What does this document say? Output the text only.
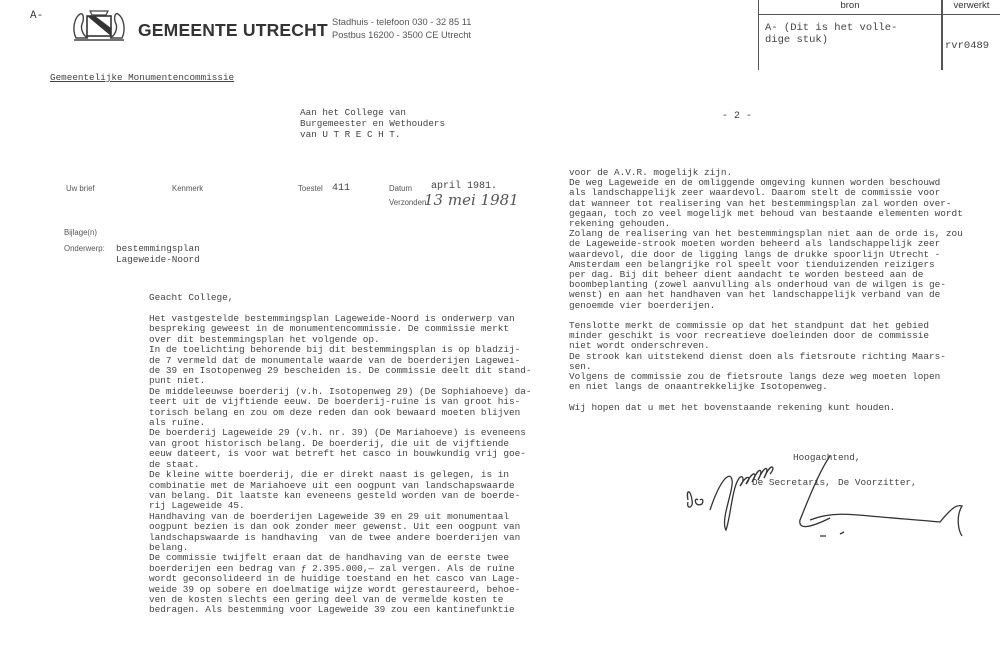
A-
GEMEENTE UTRECHT Stadhuis - telefoon 030 - 32 85 11
Postbus 16200 - 3500 CE Utrecht
Gemeentelijke Monumentencommissie
Aan het College van
Burgemeester en Wethouders
van U T R E C H T.
- 2 -
bron	verwerkt
A- (Dit is het volle-
dige stuk)	rvr0489
Uw brief	Kenmerk	Toestel 411	Datum april 1981.
Verzonden
13 mei 1981
Bijlage(n)
Onderwerp: bestemmingsplan
Lageweide-Noord
Geacht College,
Het vastgestelde bestemmingsplan Lageweide-Noord is onderwerp van
bespreking geweest in de monumentencommissie. De commissie merkt
over dit bestemmingsplan het volgende op.
In de toelichting behorende bij dit bestemmingsplan is op bladzij-
de 7 vermeld dat de monumentale waarde van de boerderijen Lagewei-
de 39 en Isotopenweg 29 bescheiden is. De commissie deelt dit stand-
punt niet.
De middeleeuwse boerderij (v.h. Isotopenweg 29) (De Sophiahoeve) da-
teert uit de vijftiende eeuw. De boerderij-ruïne is van groot his-
torisch belang en zou om deze reden dan ook bewaard moeten blijven
als ruïne.
De boerderij Lageweide 29 (v.h. nr. 39) (De Mariahoeve) is eveneens
van groot historisch belang. De boerderij, die uit de vijftiende
eeuw dateert, is voor wat betreft het casco in bouwkundig vrij goe-
de staat.
De kleine witte boerderij, die er direkt naast is gelegen, is in
combinatie met de Mariahoeve uit een oogpunt van landschapswaarde
van belang. Dit laatste kan eveneens gesteld worden van de boerde-
rij Lageweide 45.
Handhaving van de boerderijen Lageweide 39 en 29 uit monumentaal
oogpunt bezien is dan ook zonder meer gewenst. Uit een oogpunt van
landschapswaarde is handhaving  van de twee andere boerderijen van
belang.
De commissie twijfelt eraan dat de handhaving van de eerste twee
boerderijen een bedrag van ƒ 2.395.000,— zal vergen. Als de ruïne
wordt geconsolideerd in de huidige toestand en het casco van Lage-
weide 39 op sobere en doelmatige wijze wordt gerestaureerd, behoe-
ven de kosten slechts een gering deel van de vermelde kosten te
bedragen. Als bestemming voor Lageweide 39 zou een kantinefunktie
voor de A.V.R. mogelijk zijn.
De weg Lageweide en de omliggende omgeving kunnen worden beschouwd
als landschappelijk zeer waardevol. Daarom stelt de commissie voor
dat wanneer tot realisering van het bestemmingsplan zal worden over-
gegaan, toch zo veel mogelijk met behoud van bestaande elementen wordt
rekening gehouden.
Zolang de realisering van het bestemmingsplan niet aan de orde is, zou
de Lageweide-strook moeten worden beheerd als landschappelijk zeer
waardevol, die door de ligging langs de drukke spoorlijn Utrecht -
Amsterdam een belangrijke rol speelt voor tienduizenden reizigers
per dag. Bij dit beheer dient aandacht te worden besteed aan de
boombeplanting (zowel aanvulling als onderhoud van de wilgen is ge-
wenst) en aan het handhaven van het landschappelijk verband van de
genoemde vier boerderijen.

Tenslotte merkt de commissie op dat het standpunt dat het gebied
minder geschikt is voor recreatieve doeleinden door de commissie
niet wordt onderschreven.
De strook kan uitstekend dienst doen als fietsroute richting Maars-
sen.
Volgens de commissie zou de fietsroute langs deze weg moeten lopen
en niet langs de onaantrekkelijke Isotopenweg.

Wij hopen dat u met het bovenstaande rekening kunt houden.
Hoogachtend,
De Secretaris, De Voorzitter,
